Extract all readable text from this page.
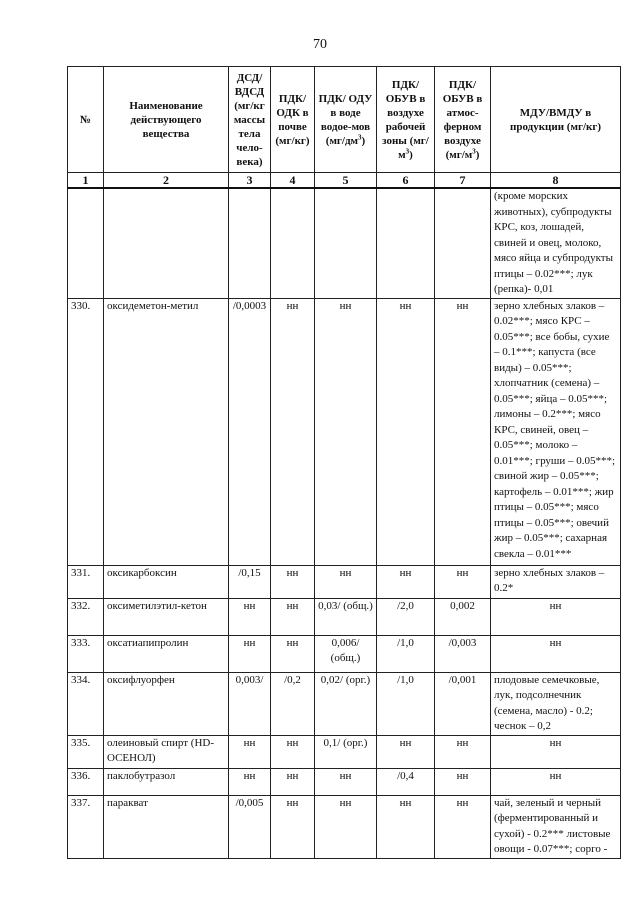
70
№	Наименование действующего вещества	ДСД/ ВДСД (мг/кг массы тела чело-века)	ПДК/ ОДК в почве (мг/кг)	ПДК/ ОДУ в воде водое-мов $(мг/дм^3)$	ПДК/ ОБУВ в воздухе рабочей зоны $(мг/м^3)$	ПДК/ ОБУВ в атмос-ферном воздухе $(мг/м^3)$	МДУ/ВМДУ в продукции (мг/кг)
1	2	3	4	5	6	7	8
							(кроме морских животных), субпродукты КРС, коз, лошадей, свиней и овец, молоко, мясо яйца и субпродукты птицы – 0.02***; лук (репка)- 0,01
330.	оксидеметон-метил	/0,0003	нн	нн	нн	нн	зерно хлебных злаков – 0.02***; мясо КРС – 0.05***; все бобы, сухие – 0.1***; капуста (все виды) – 0.05***; хлопчатник (семена) – 0.05***; яйца – 0.05***; лимоны – 0.2***; мясо КРС, свиней, овец – 0.05***; молоко – 0.01***; груши – 0.05***; свиной жир – 0.05***; картофель – 0.01***; жир птицы – 0.05***; мясо птицы – 0.05***; овечий жир – 0.05***; сахарная свекла – 0.01***
331.	оксикарбоксин	/0,15	нн	нн	нн	нн	зерно хлебных злаков – 0.2*
332.	оксиметилэтил-кетон	нн	нн	0,03/ (общ.)	/2,0	0,002	нн
333.	оксатиапипролин	нн	нн	0,006/ (общ.)	/1,0	/0,003	нн
334.	оксифлуорфен	0,003/	/0,2	0,02/ (орг.)	/1,0	/0,001	плодовые семечковые, лук, подсолнечник (семена, масло) - 0.2; чеснок – 0,2
335.	олеиновый спирт (HD-ОСЕНОЛ)	нн	нн	0,1/ (орг.)	нн	нн	нн
336.	паклобутразол	нн	нн	нн	/0,4	нн	нн
337.	паракват	/0,005	нн	нн	нн	нн	чай, зеленый и черный (ферментированный и сухой) - 0.2*** листовые овощи - 0.07***; сорго -
